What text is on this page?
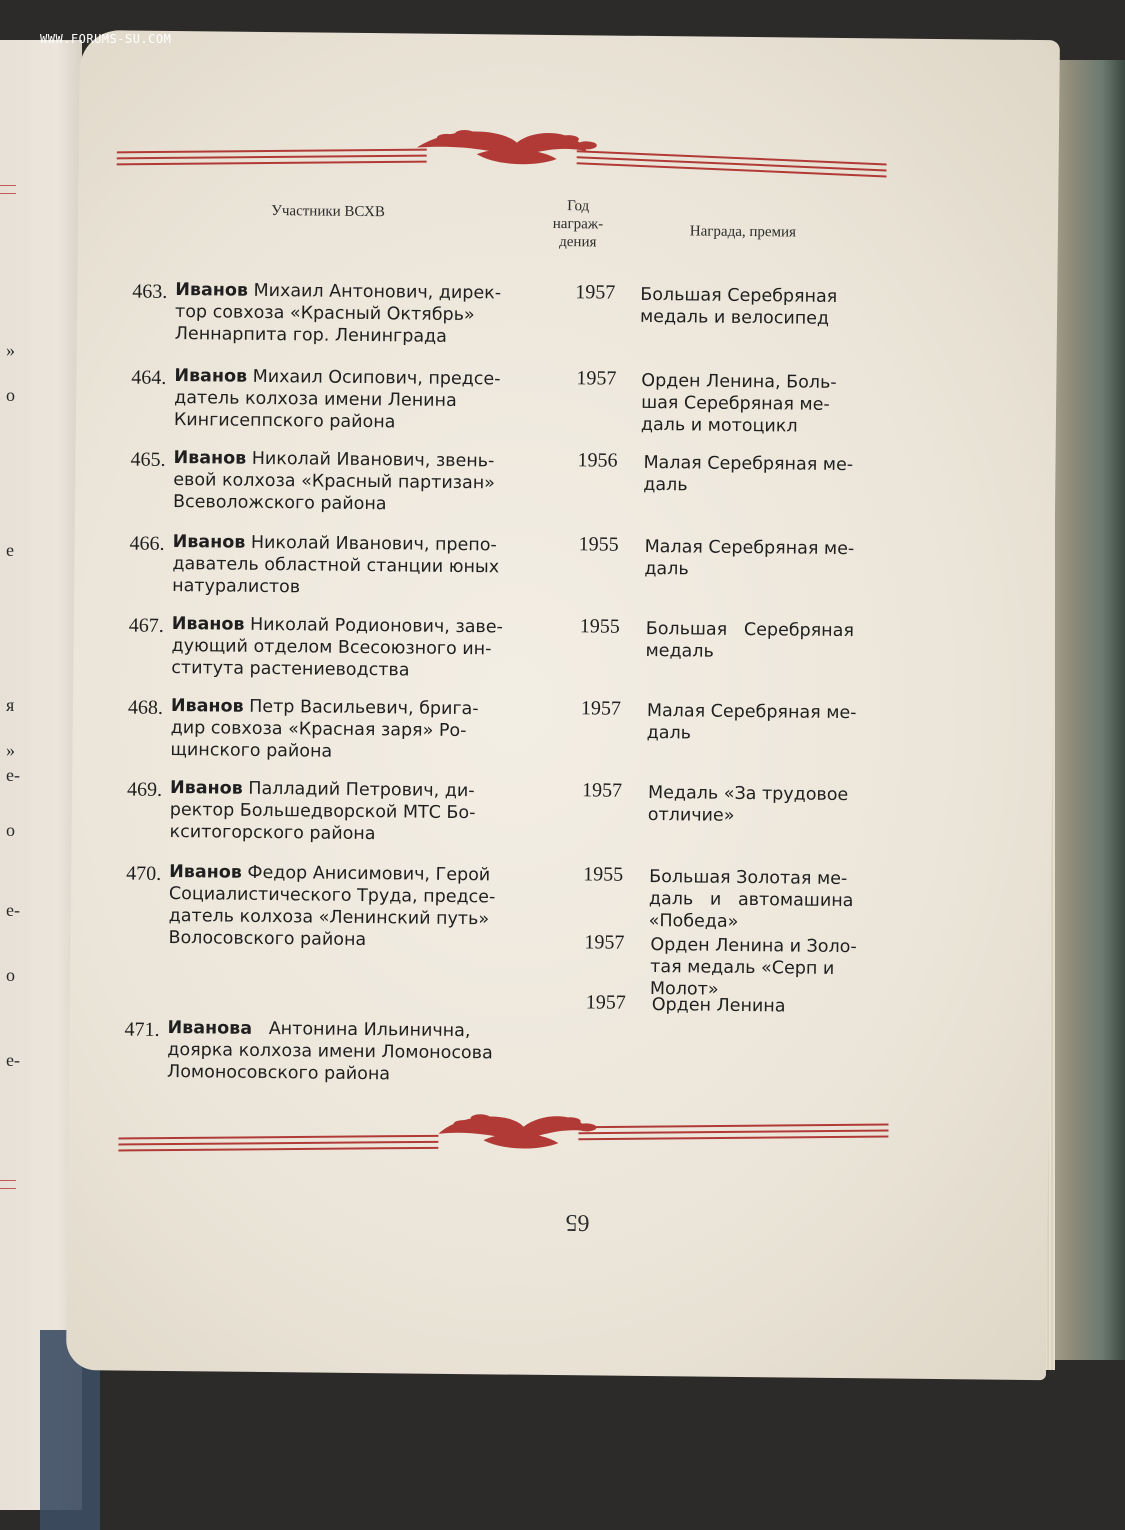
WWW.FORUMS-SU.COM
»
о
е
я
»
е-
о
е-
о
е-
Участники ВСХВ	Год
награж-
дения
Награда, премия
463. Иванов Михаил Антонович, дирек-
тор совхоза «Красный Октябрь»
Леннарпита гор. Ленинграда
1957 Большая Серебряная
медаль и велосипед
464. Иванов Михаил Осипович, предсе-
датель колхоза имени Ленина
Кингисеппского района
1957 Орден Ленина, Боль-
шая Серебряная ме-
даль и мотоцикл
465. Иванов Николай Иванович, звень-
евой колхоза «Красный партизан»
Всеволожского района
1956 Малая Серебряная ме-
даль
466. Иванов Николай Иванович, препо-
даватель областной станции юных
натуралистов
1955 Малая Серебряная ме-
даль
467. Иванов Николай Родионович, заве-
дующий отделом Всесоюзного ин-
ститута растениеводства
1955 Большая   Серебряная
медаль
468. Иванов Петр Васильевич, брига-
дир совхоза «Красная заря» Ро-
щинского района
1957 Малая Серебряная ме-
даль
469. Иванов Палладий Петрович, ди-
ректор Большедворской МТС Бо-
кситогорского района
1957 Медаль «За трудовое
отличие»
470. Иванов Федор Анисимович, Герой
Социалистического Труда, предсе-
датель колхоза «Ленинский путь»
Волосовского района
1955 Большая Золотая ме-
даль   и   автомашина
«Победа»
1957 Орден Ленина и Золо-
тая медаль «Серп и
Молот»
471. Иванова   Антонина Ильинична,
доярка колхоза имени Ломоносова
Ломоносовского района
1957 Орден Ленина
65
